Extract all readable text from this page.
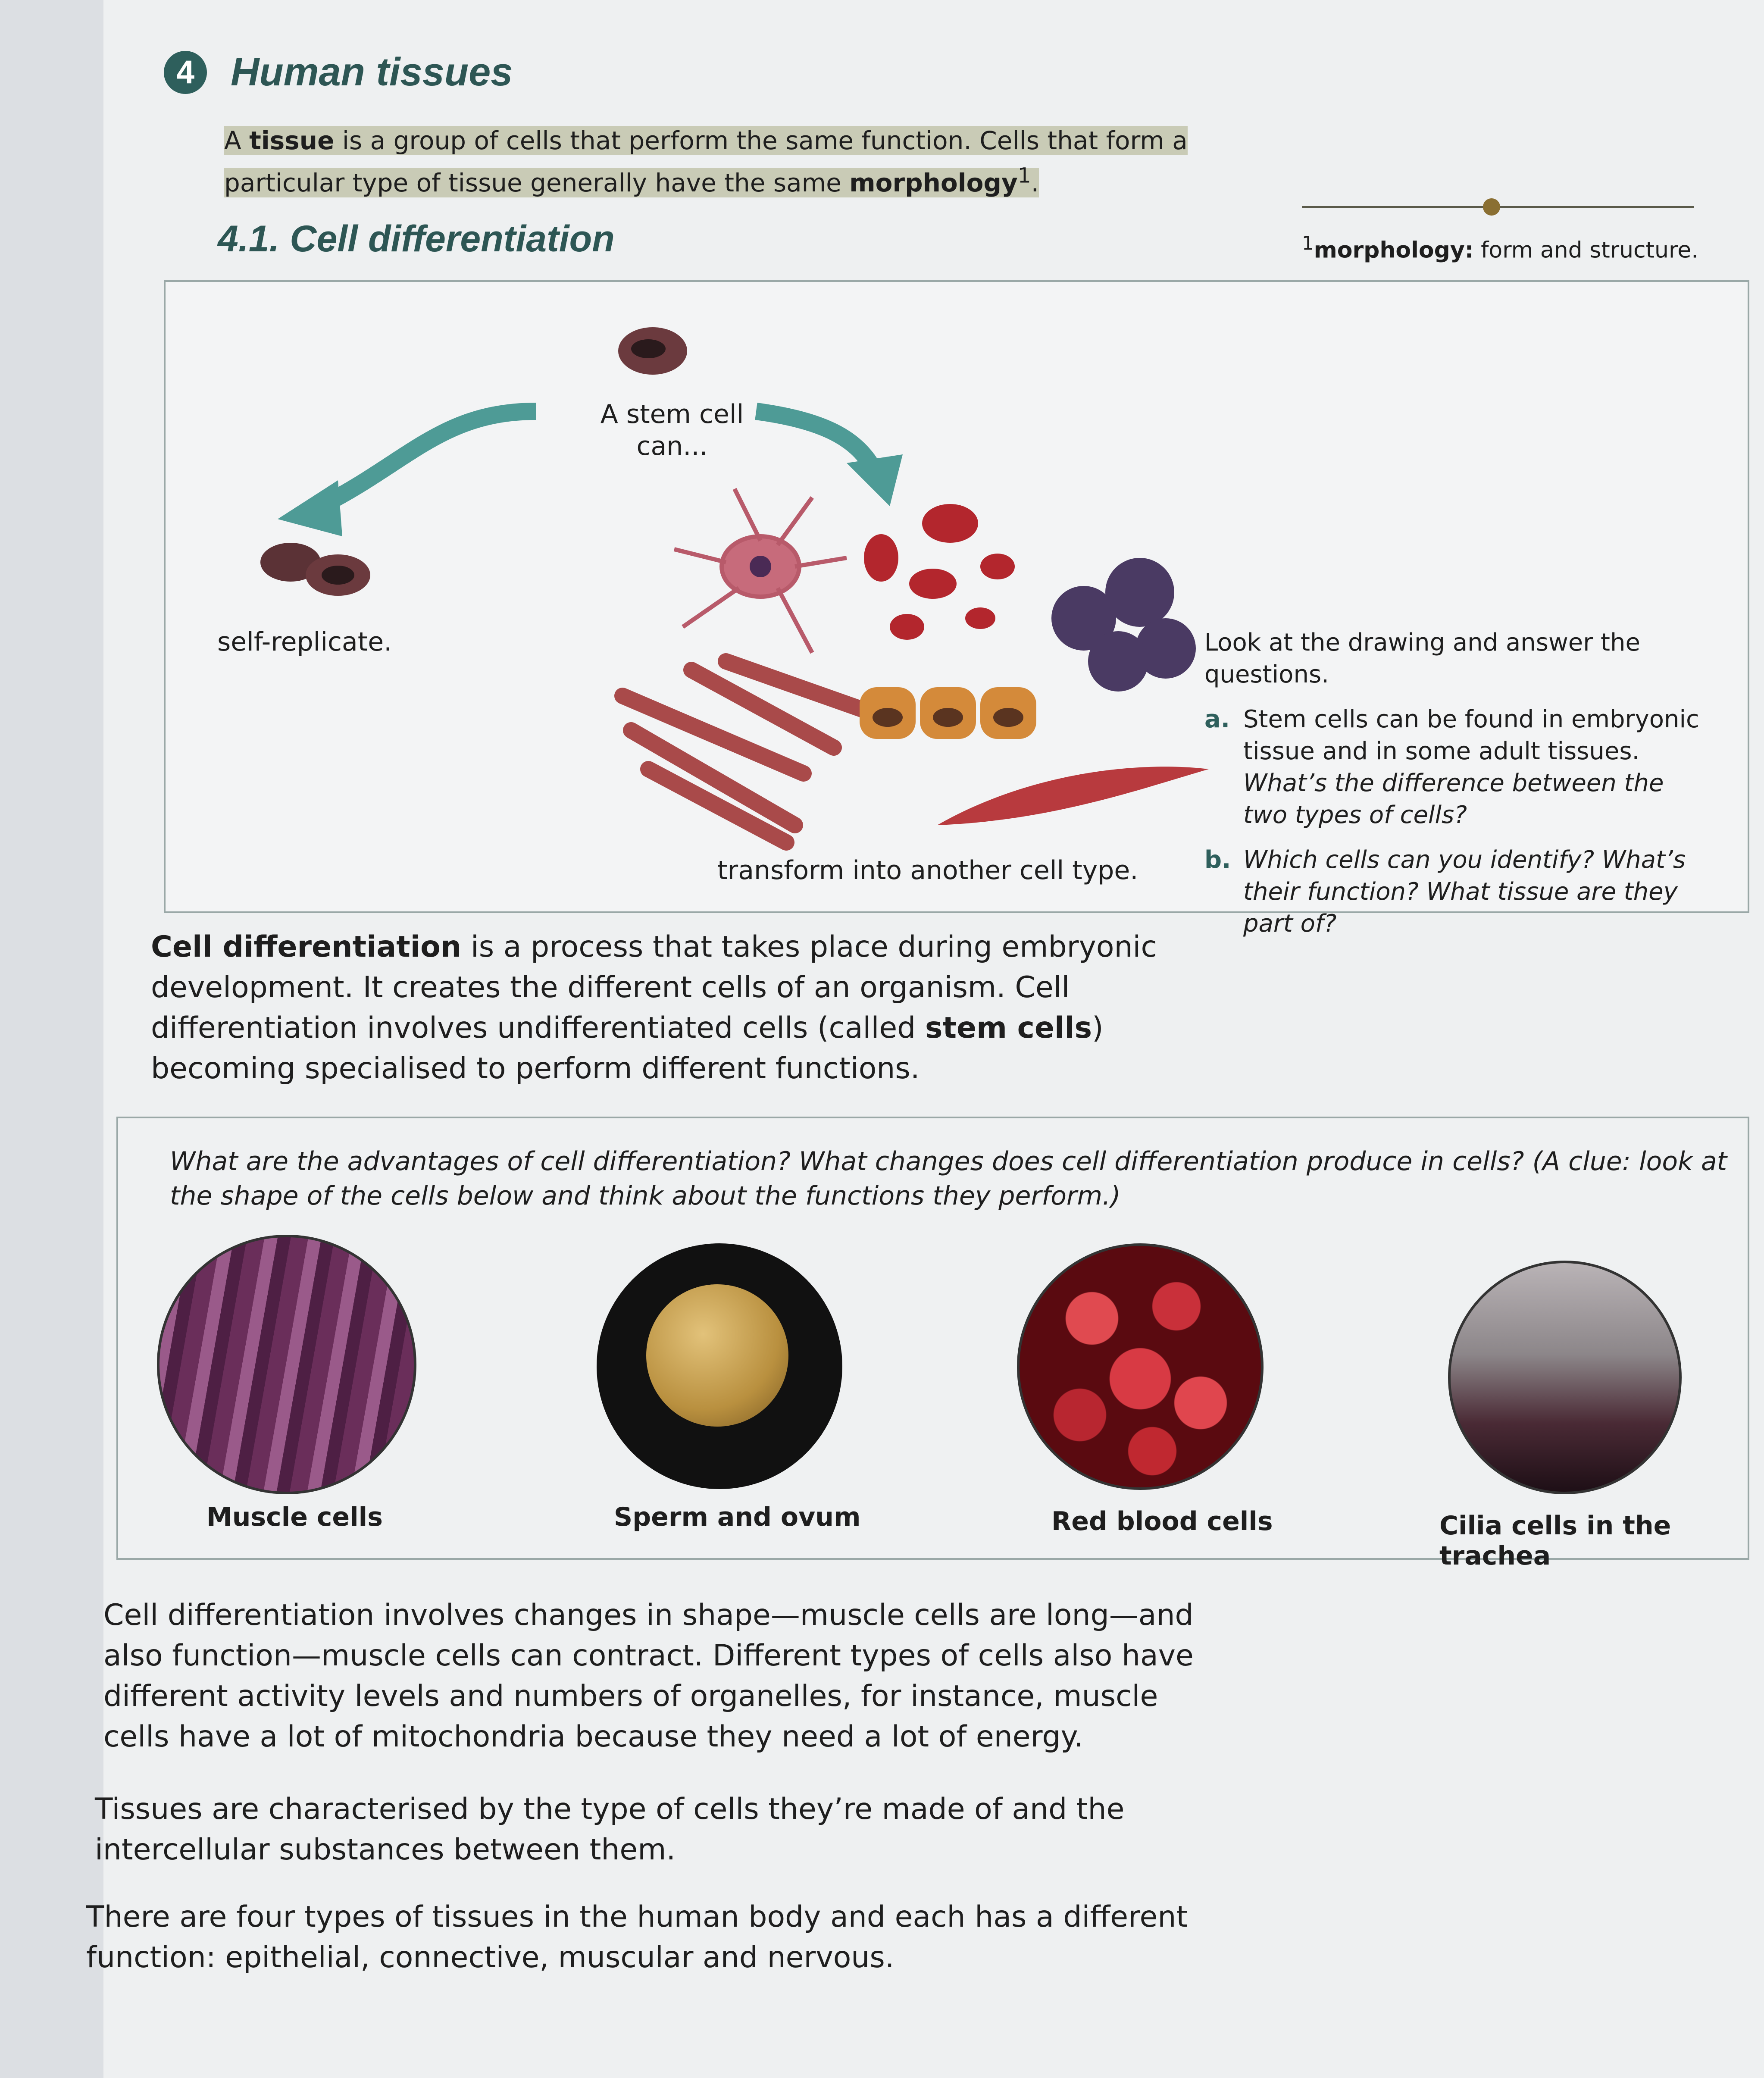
4 Human tissues
A tissue is a group of cells that perform the same function. Cells that form a particular type of tissue generally have the same morphology$^1$.
4.1. Cell differentiation	$^1$morphology: form and structure.
A stem cell
can...
self-replicate.
transform into another cell type.
Look at the drawing and answer the questions.
a. Stem cells can be found in embryonic tissue and in some adult tissues. What’s the difference between the two types of cells?
b. Which cells can you identify? What’s their function? What tissue are they part of?
Cell differentiation is a process that takes place during embryonic development. It creates the different cells of an organism. Cell differentiation involves undifferentiated cells (called stem cells) becoming specialised to perform different functions.
What are the advantages of cell differentiation? What changes does cell differentiation produce in cells? (A clue: look at the shape of the cells below and think about the functions they perform.)
Muscle cells	Sperm and ovum	Red blood cells	Cilia cells in the trachea
Cell differentiation involves changes in shape—muscle cells are long—and also function—muscle cells can contract. Different types of cells also have different activity levels and numbers of organelles, for instance, muscle cells have a lot of mitochondria because they need a lot of energy.
Tissues are characterised by the type of cells they’re made of and the intercellular substances between them.
There are four types of tissues in the human body and each has a different function: epithelial, connective, muscular and nervous.
